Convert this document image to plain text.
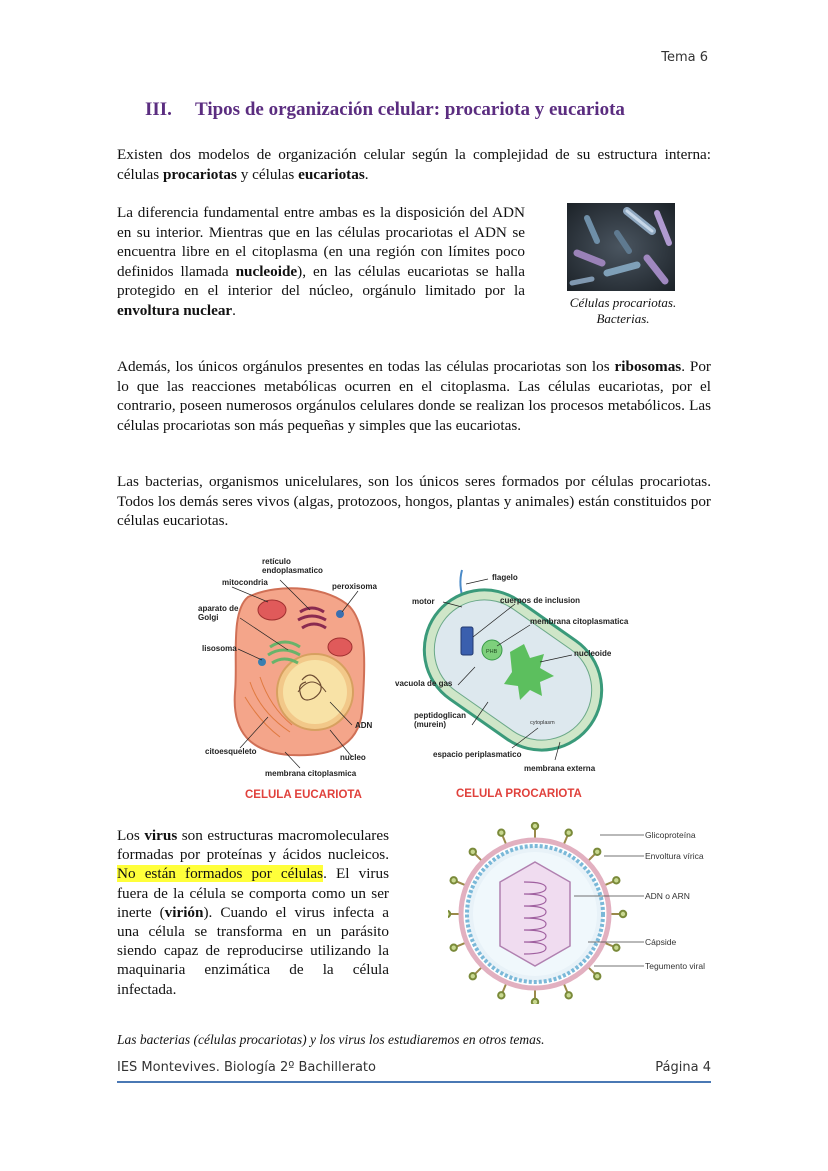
Tema 6
III. Tipos de organización celular: procariota y eucariota

Existen dos modelos de organización celular según la complejidad de su estructura interna: células procariotas y células eucariotas.

La diferencia fundamental entre ambas es la disposición del ADN en su interior. Mientras que en las células procariotas el ADN se encuentra libre en el citoplasma (en una región con límites poco definidos llamada nucleoide), en las células eucariotas se halla protegido en el interior del núcleo, orgánulo limitado por la envoltura nuclear.	Células procariotas.
Bacterias.

Además, los únicos orgánulos presentes en todas las células procariotas son los ribosomas. Por lo que las reacciones metabólicas ocurren en el citoplasma. Las células eucariotas, por el contrario, poseen numerosos orgánulos celulares donde se realizan los procesos metabólicos. Las células procariotas son más pequeñas y simples que las eucariotas.

Las bacterias, organismos unicelulares, son los únicos seres formados por células procariotas. Todos los demás seres vivos (algas, protozoos, hongos, plantas y animales) están constituidos por células eucariotas.

retículo
endoplasmatico
mitocondria	peroxisoma
aparato de
Golgi
lisosoma
ADN
citoesqueleto
nucleo
membrana citoplasmica
CELULA EUCARIOTA
flagelo
motor	cuerpos de inclusion
membrana citoplasmatica
nucleoide
PHB
vacuola de gas
peptidoglican
(murein)	cytoplasm
espacio periplasmatico
membrana externa
CELULA PROCARIOTA

Los virus son estructuras macromoleculares formadas por proteínas y ácidos nucleicos. No están formados por células. El virus fuera de la célula se comporta como un ser inerte (virión). Cuando el virus infecta a una célula se transforma en un parásito siendo capaz de reproducirse utilizando la maquinaria enzimática de la célula infectada.

Glicoproteína
Envoltura vírica
ADN o ARN
Cápside
Tegumento viral
Las bacterias (células procariotas) y los virus los estudiaremos en otros temas.
IES Montevives. Biología 2º Bachillerato	Página 4
